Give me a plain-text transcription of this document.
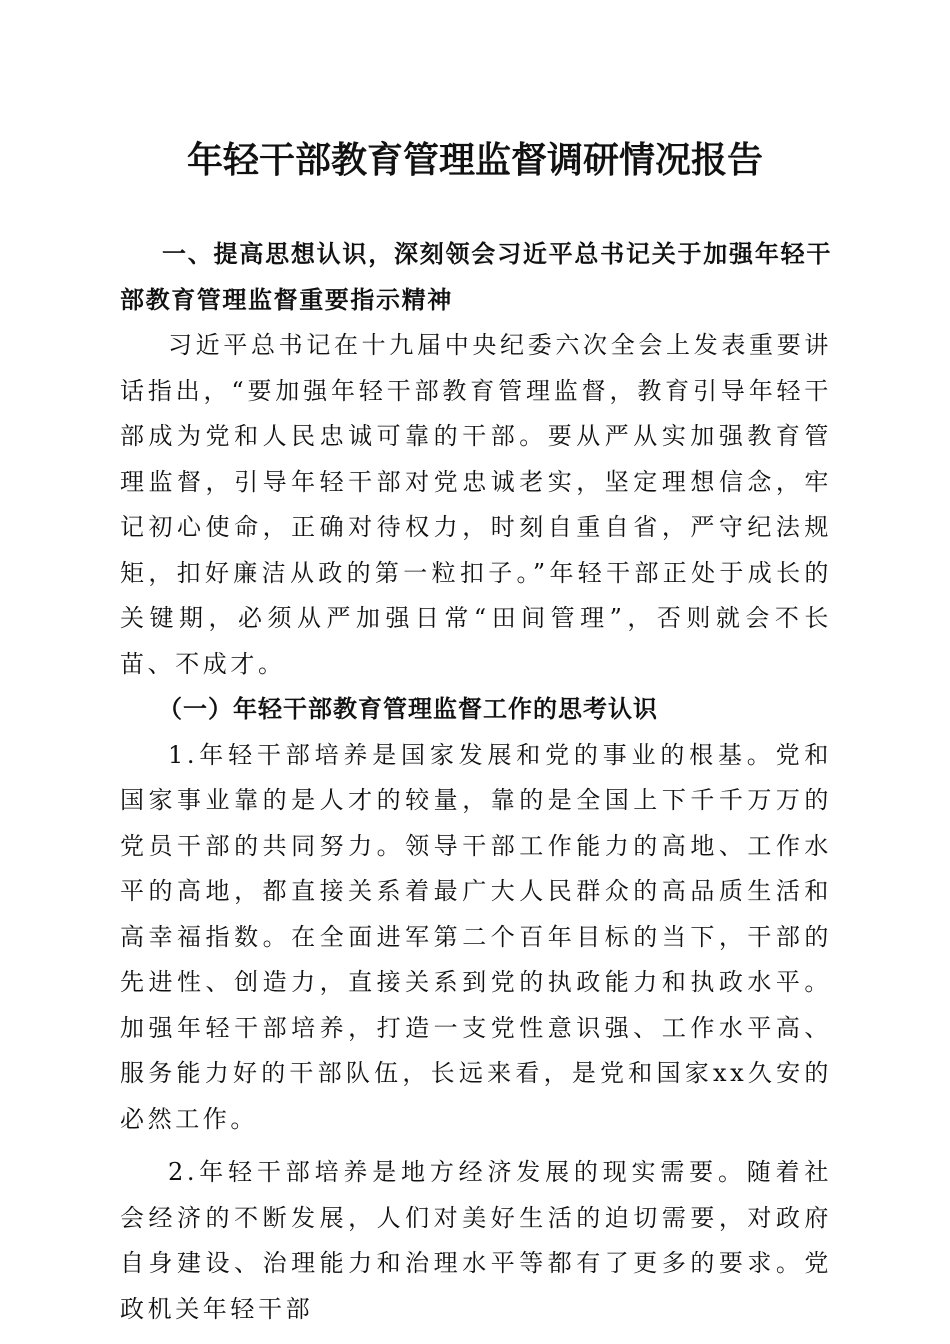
年轻干部教育管理监督调研情况报告

一、提高思想认识，深刻领会习近平总书记关于加强年轻干部教育管理监督重要指示精神

习近平总书记在十九届中央纪委六次全会上发表重要讲话指出，“要加强年轻干部教育管理监督，教育引导年轻干部成为党和人民忠诚可靠的干部。要从严从实加强教育管理监督，引导年轻干部对党忠诚老实，坚定理想信念，牢记初心使命，正确对待权力，时刻自重自省，严守纪法规矩，扣好廉洁从政的第一粒扣子。”年轻干部正处于成长的关键期，必须从严加强日常“田间管理”，否则就会不长苗、不成才。

（一）年轻干部教育管理监督工作的思考认识

1.年轻干部培养是国家发展和党的事业的根基。党和国家事业靠的是人才的较量，靠的是全国上下千千万万的党员干部的共同努力。领导干部工作能力的高地、工作水平的高地，都直接关系着最广大人民群众的高品质生活和高幸福指数。在全面进军第二个百年目标的当下，干部的先进性、创造力，直接关系到党的执政能力和执政水平。加强年轻干部培养，打造一支党性意识强、工作水平高、服务能力好的干部队伍，长远来看，是党和国家xx久安的必然工作。

2.年轻干部培养是地方经济发展的现实需要。随着社会经济的不断发展，人们对美好生活的迫切需要，对政府自身建设、治理能力和治理水平等都有了更多的要求。党政机关年轻干部
